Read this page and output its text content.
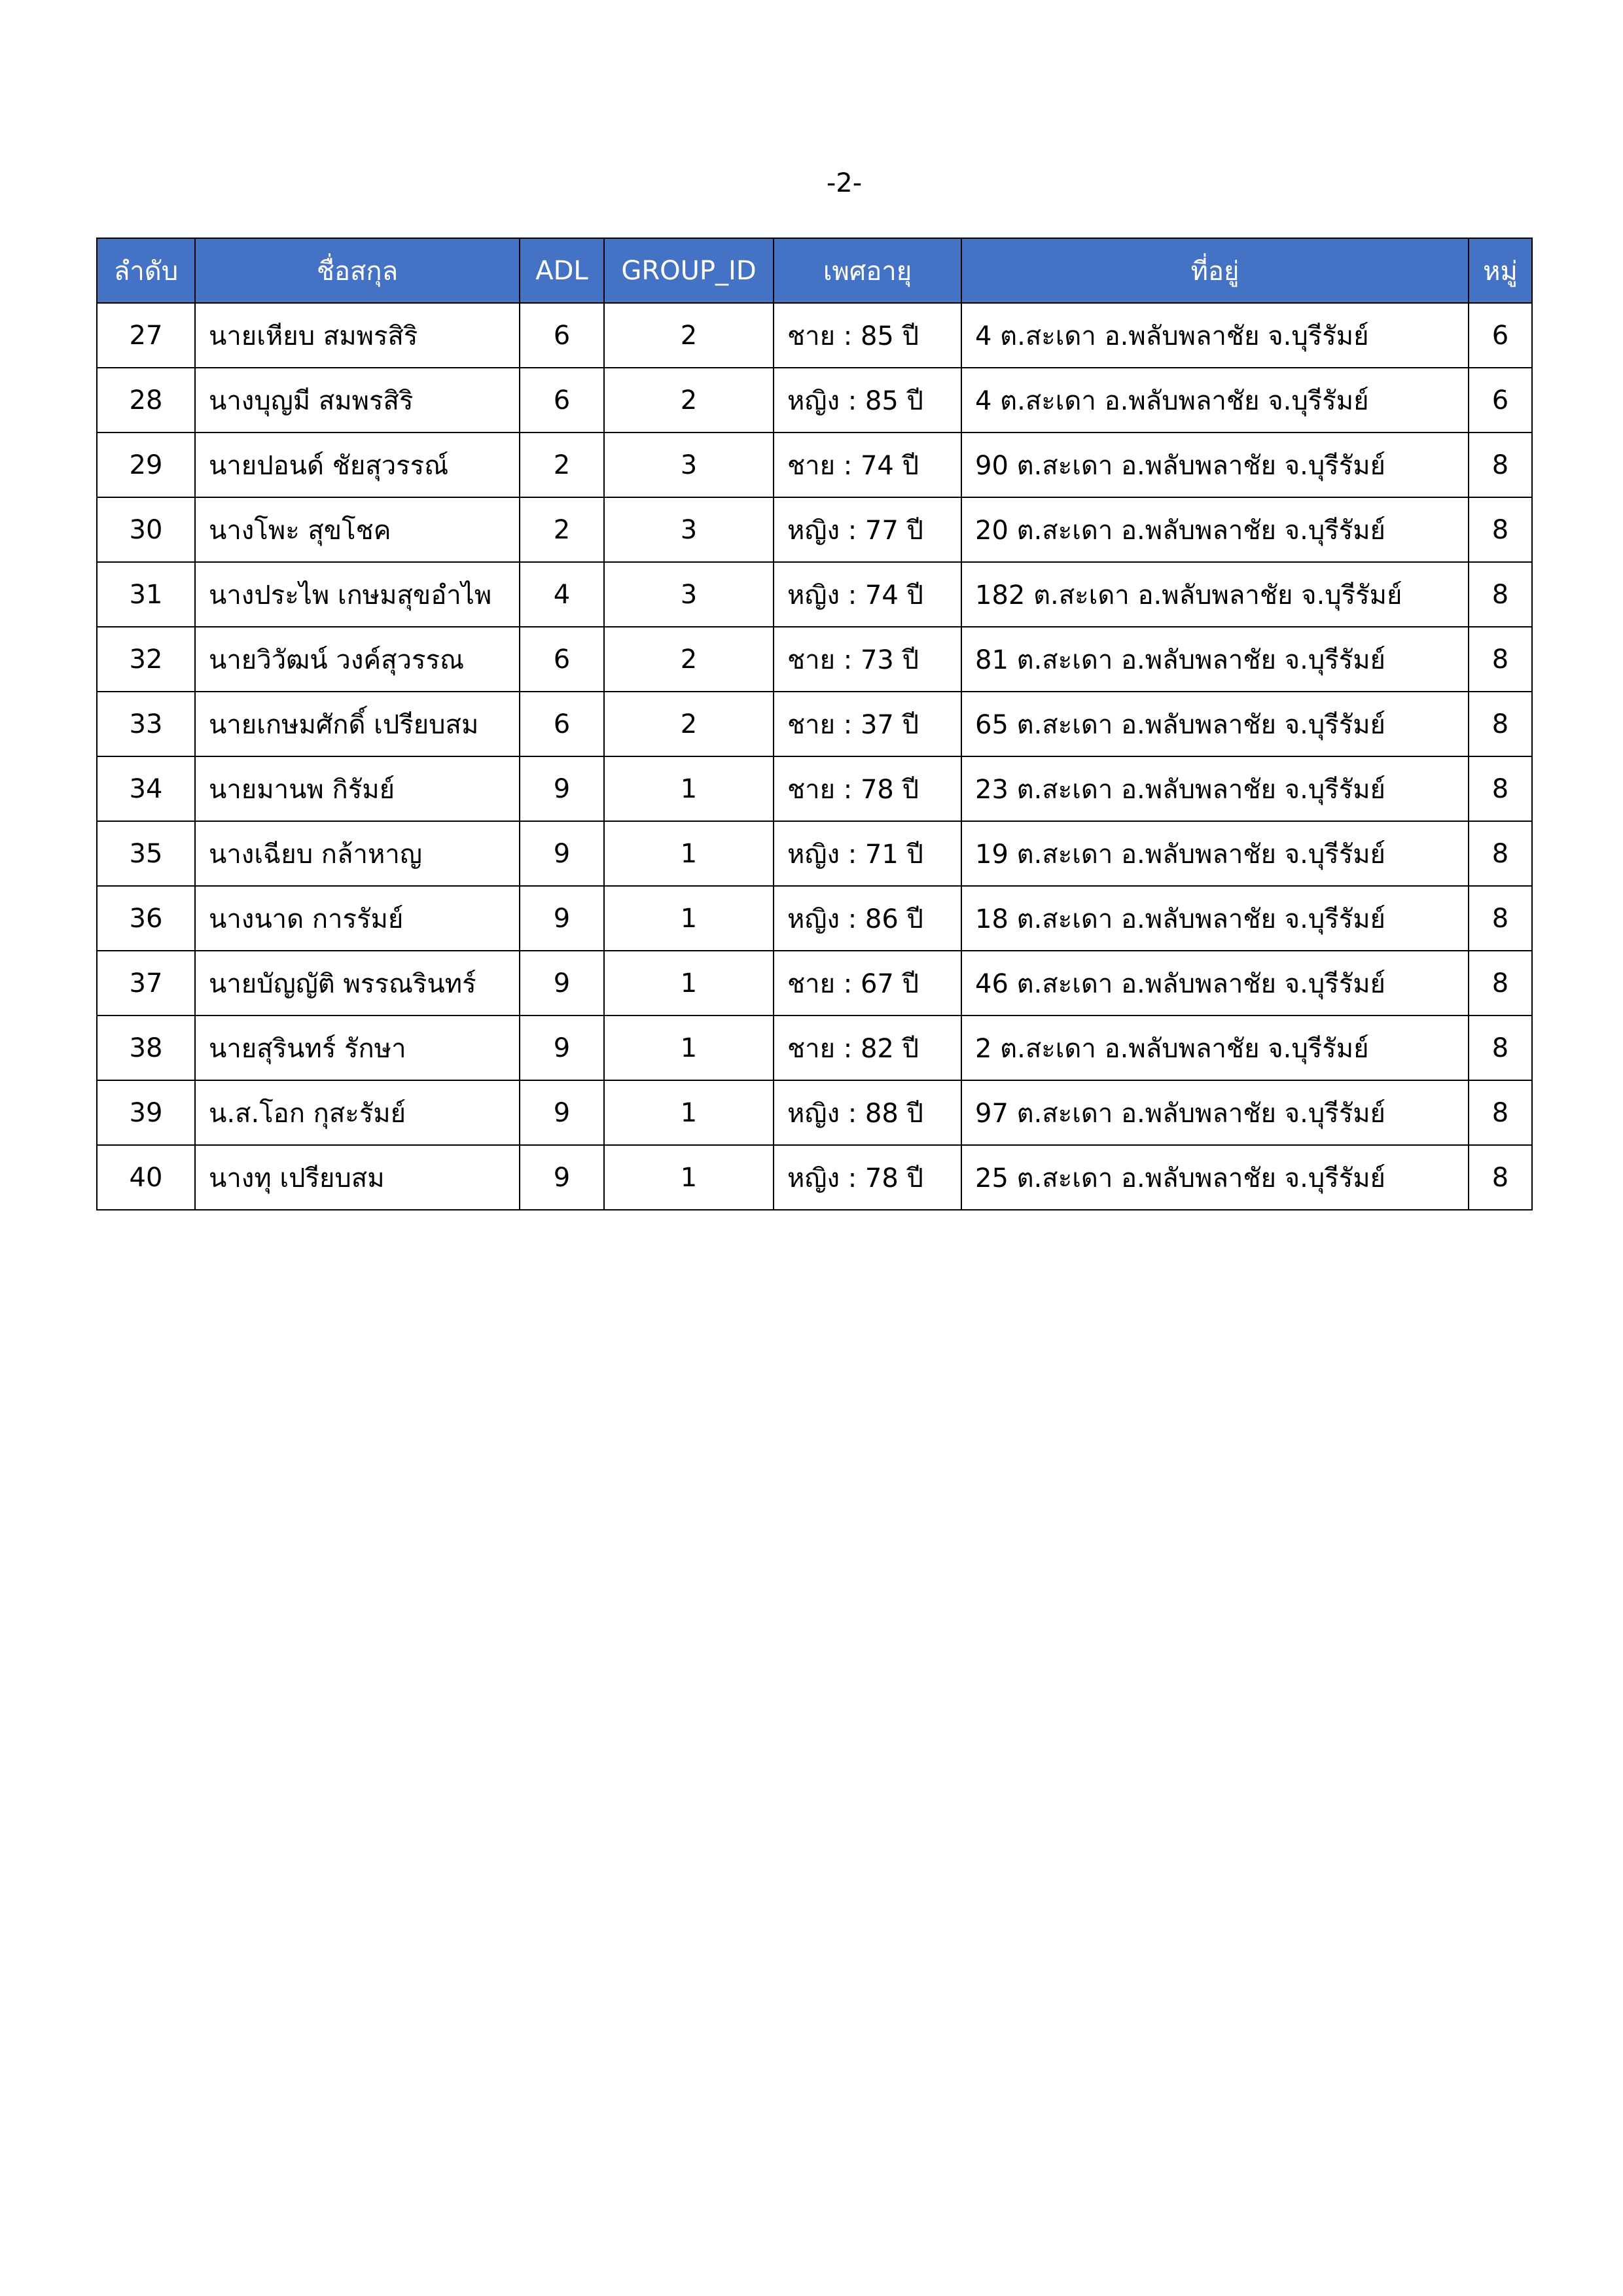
-2-
ลำดับ	ชื่อสกุล	ADL	GROUP_ID	เพศอายุ	ที่อยู่	หมู่
27	นายเหียบ สมพรสิริ	6	2	ชาย : 85 ปี	4 ต.สะเดา อ.พลับพลาชัย จ.บุรีรัมย์	6
28	นางบุญมี สมพรสิริ	6	2	หญิง : 85 ปี	4 ต.สะเดา อ.พลับพลาชัย จ.บุรีรัมย์	6
29	นายปอนด์ ชัยสุวรรณ์	2	3	ชาย : 74 ปี	90 ต.สะเดา อ.พลับพลาชัย จ.บุรีรัมย์	8
30	นางโพะ สุขโชค	2	3	หญิง : 77 ปี	20 ต.สะเดา อ.พลับพลาชัย จ.บุรีรัมย์	8
31	นางประไพ เกษมสุขอำไพ	4	3	หญิง : 74 ปี	182 ต.สะเดา อ.พลับพลาชัย จ.บุรีรัมย์	8
32	นายวิวัฒน์ วงค์สุวรรณ	6	2	ชาย : 73 ปี	81 ต.สะเดา อ.พลับพลาชัย จ.บุรีรัมย์	8
33	นายเกษมศักดิ์ เปรียบสม	6	2	ชาย : 37 ปี	65 ต.สะเดา อ.พลับพลาชัย จ.บุรีรัมย์	8
34	นายมานพ กิรัมย์	9	1	ชาย : 78 ปี	23 ต.สะเดา อ.พลับพลาชัย จ.บุรีรัมย์	8
35	นางเฉียบ กล้าหาญ	9	1	หญิง : 71 ปี	19 ต.สะเดา อ.พลับพลาชัย จ.บุรีรัมย์	8
36	นางนาด การรัมย์	9	1	หญิง : 86 ปี	18 ต.สะเดา อ.พลับพลาชัย จ.บุรีรัมย์	8
37	นายบัญญัติ พรรณรินทร์	9	1	ชาย : 67 ปี	46 ต.สะเดา อ.พลับพลาชัย จ.บุรีรัมย์	8
38	นายสุรินทร์ รักษา	9	1	ชาย : 82 ปี	2 ต.สะเดา อ.พลับพลาชัย จ.บุรีรัมย์	8
39	น.ส.โอก กุสะรัมย์	9	1	หญิง : 88 ปี	97 ต.สะเดา อ.พลับพลาชัย จ.บุรีรัมย์	8
40	นางทุ เปรียบสม	9	1	หญิง : 78 ปี	25 ต.สะเดา อ.พลับพลาชัย จ.บุรีรัมย์	8
